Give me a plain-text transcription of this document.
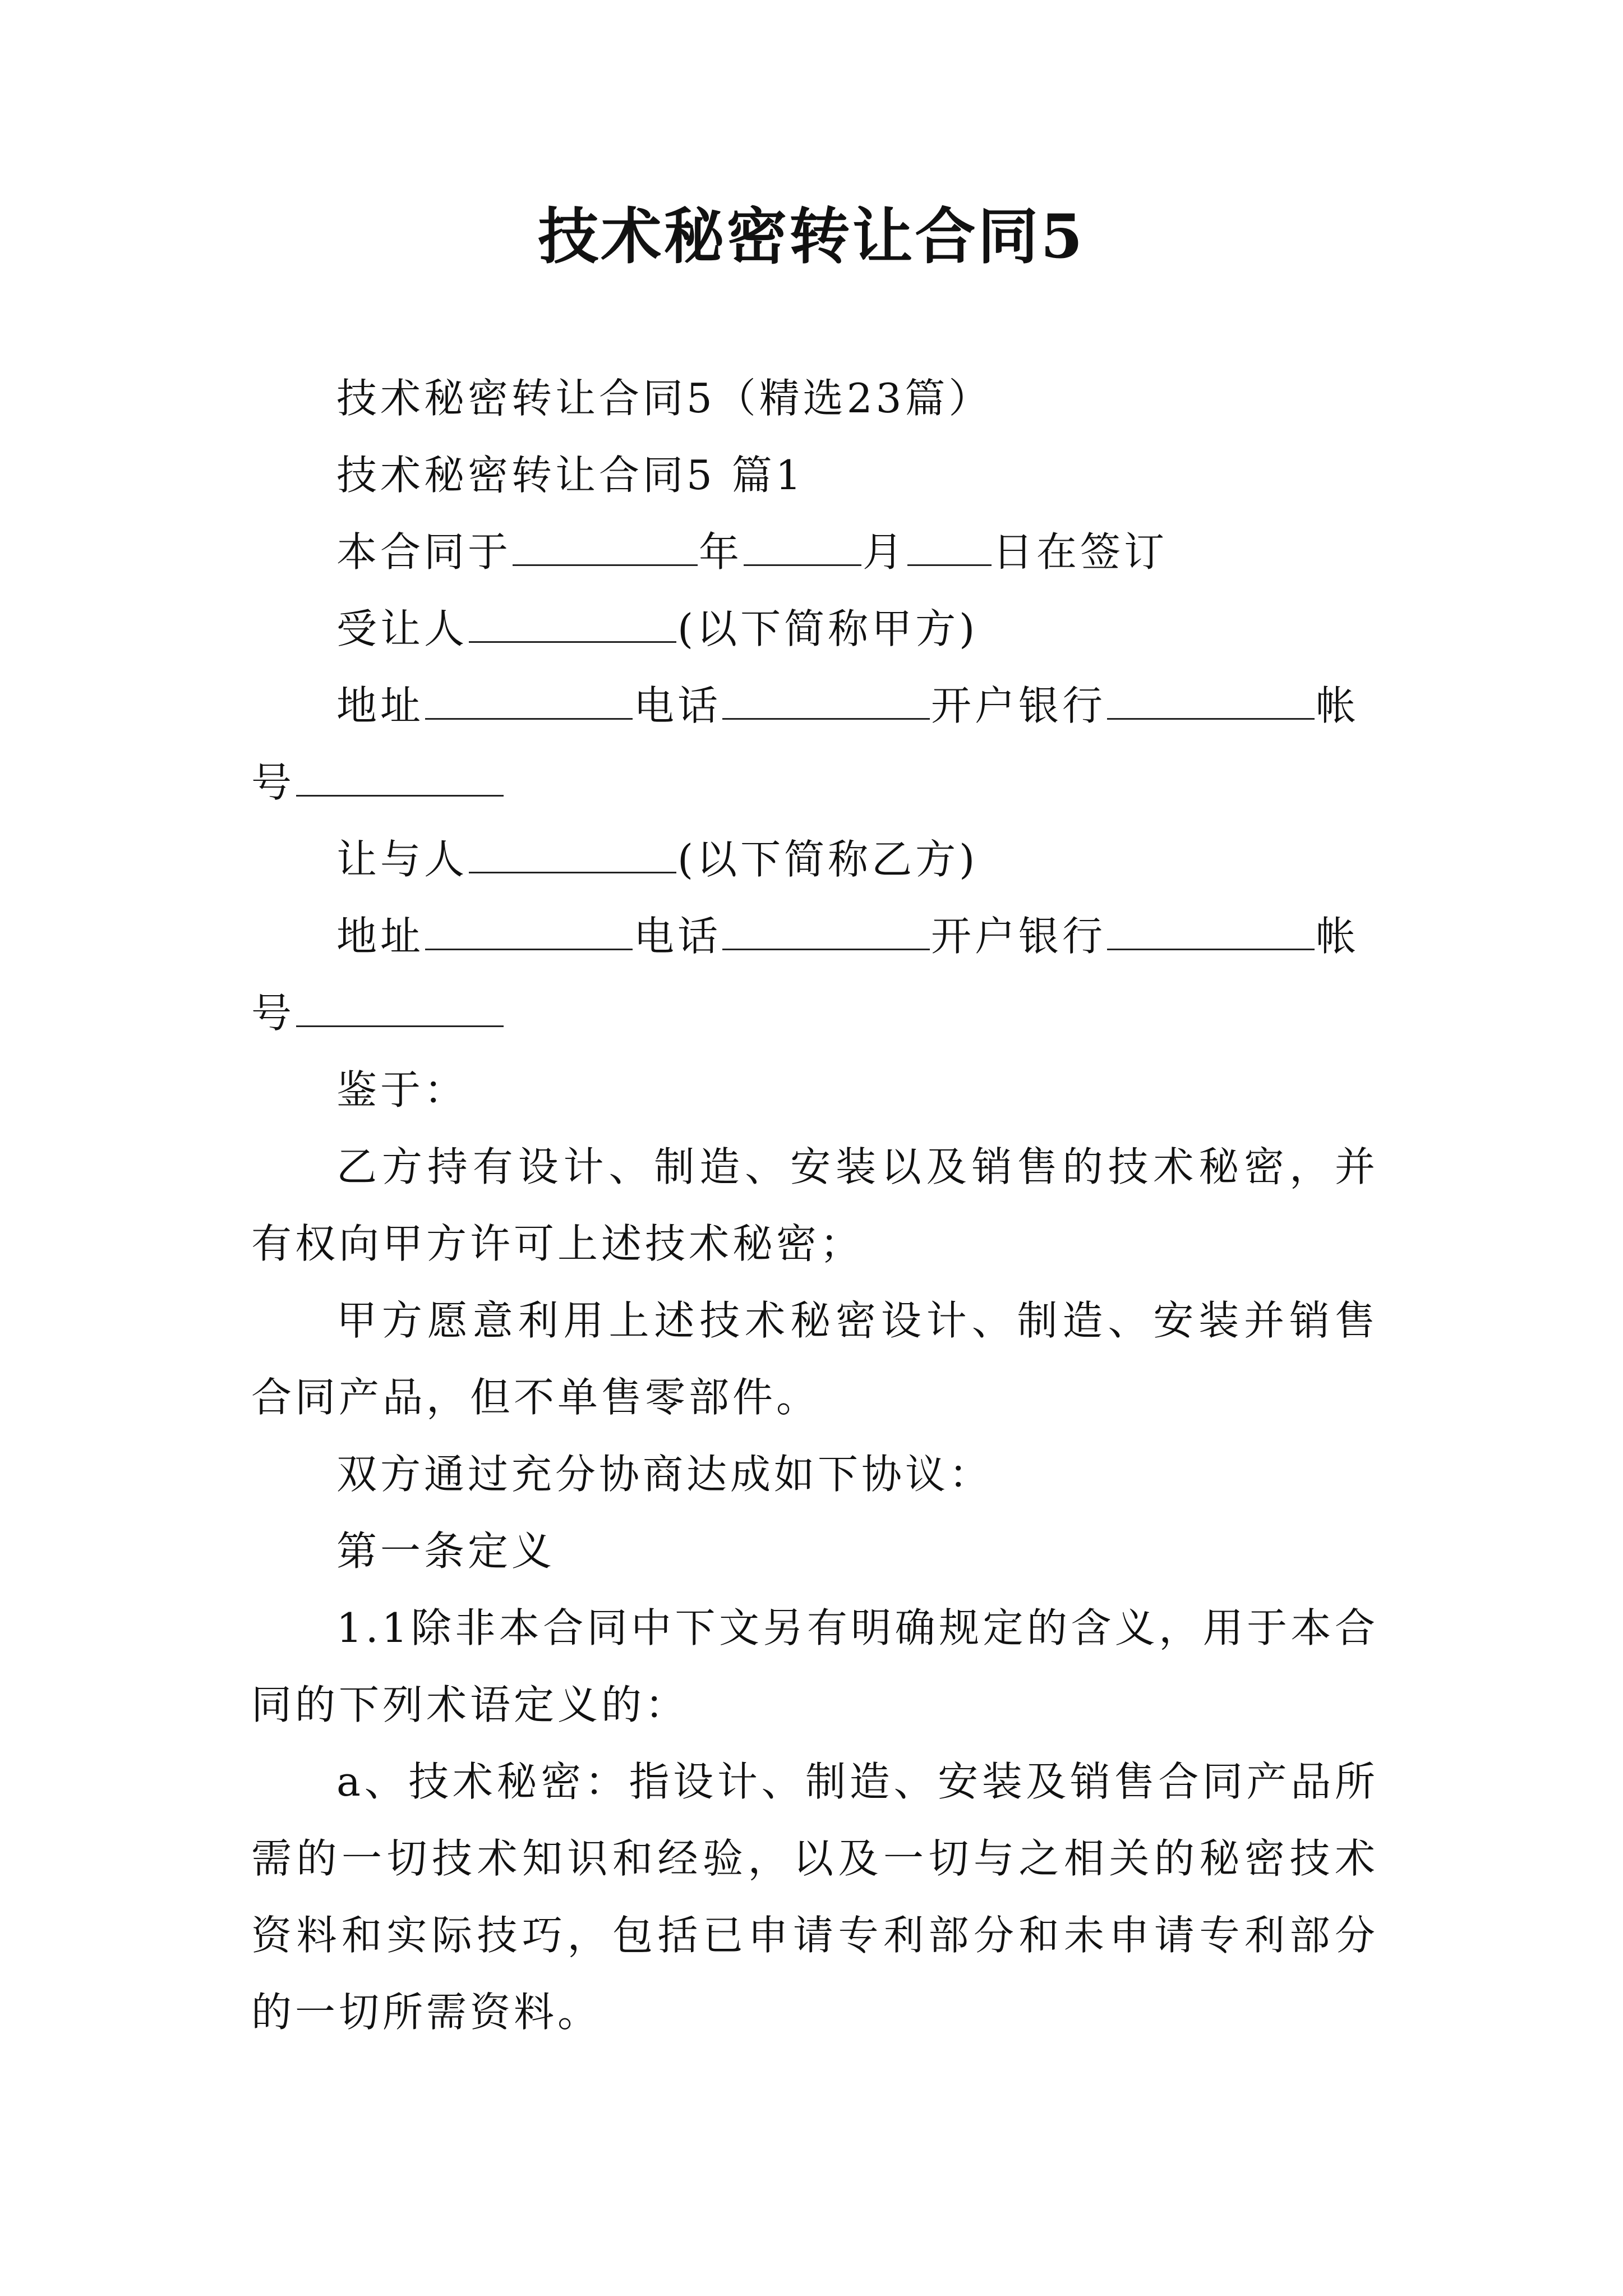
技术秘密转让合同5
技术秘密转让合同5（精选23篇）
技术秘密转让合同5 篇1
本合同于	年	月 日在签订
受让人	(以下简称甲方)
地址	电话	开户银行	帐
号
让与人	(以下简称乙方)
地址	电话	开户银行	帐
号
鉴于：
乙方持有设计、制造、安装以及销售的技术秘密，并有权向甲方许可上述技术秘密；
甲方愿意利用上述技术秘密设计、制造、安装并销售合同产品，但不单售零部件。
双方通过充分协商达成如下协议：
第一条定义
1.1除非本合同中下文另有明确规定的含义，用于本合同的下列术语定义的：
a、技术秘密：指设计、制造、安装及销售合同产品所需的一切技术知识和经验，以及一切与之相关的秘密技术资料和实际技巧，包括已申请专利部分和未申请专利部分的一切所需资料。
